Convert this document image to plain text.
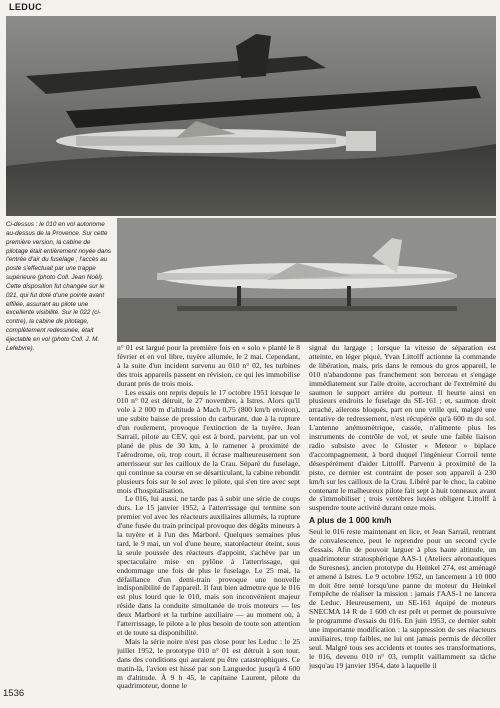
LEDUC

Ci-dessus : le 010 en vol autonome au-dessus de la Provence. Sur cette première version, la cabine de pilotage était entièrement noyée dans l'entrée d'air du fuselage ; l'accès au poste s'effectuait par une trappe supérieure (photo Coll. Jean Noël). Cette disposition fut changée sur le 021, qui fut doté d'une pointe avant effilée, assurant au pilote une excellente visibilité. Sur le 022 (ci-contre), la cabine de pilotage, complètement redessinée, était éjectable en vol (photo Coll. J. M. Lefebvre).	n° 01 est largué pour la première fois en « solo » planté le 8 février et en vol libre, tuyère allumée, le 2 mai. Cependant, à la suite d'un incident survenu au 010 n° 02, les turbines des trois appareils passent en révision, ce qui les immobilise durant près de trois mois.

Les essais ont repris depuis le 17 octobre 1951 lorsque le 010 n° 02 est détruit, le 27 novembre, à Istres. Alors qu'il vole à 2 000 m d'altitude à Mach 0,75 (800 km/h environ), une subite baisse de pression du carburant, due à la rupture d'un roulement, provoque l'extinction de la tuyère. Jean Sarrail, pilote au CEV, qui est à bord, parvient, par un vol plané de plus de 30 km, à le ramener à proximité de l'aérodrome, où, trop court, il écrase malheureusement son atterrisseur sur les cailloux de la Crau. Séparé du fuselage, qui continue sa course en se désarticulant, la cabine rebondit plusieurs fois sur le sol avec le pilote, qui s'en tire avec sept mois d'hospitalisation.

Le 016, lui aussi, ne tarde pas à subir une série de coups durs. Le 15 janvier 1952, à l'atterrissage qui termine son premier vol avec les réacteurs auxiliaires allumés, la rupture d'une fusée du train principal provoque des dégâts mineurs à la tuyère et à l'un des Marboré. Quelques semaines plus tard, le 9 mai, un vol d'une heure, statoréacteur éteint, sous la seule poussée des réacteurs d'appoint, s'achève par un spectaculaire mise en pylône à l'atterrissage, qui endommage une fois de plus le fuselage. Le 25 mai, la défaillance d'un demi-train provoque une nouvelle indisponibilité de l'appareil. Il faut bien admettre que le 016 est plus lourd que le 010, mais son inconvénient majeur réside dans la conduite simultanée de trois moteurs — les deux Marboré et la turbine auxiliaire — au moment où, à l'atterrissage, le pilote a le plus besoin de toute son attention et de toute sa disponibilité.

Mais la série noire n'est pas close pour les Leduc : le 25 juillet 1952, le prototype 010 n° 01 est détruit à son tour, dans des conditions qui auraient pu être catastrophiques. Ce matin-là, l'avion est hissé par son Languedoc jusqu'à 4 600 m d'altitude. À 9 h 45, le capitaine Laurent, pilote du quadrimoteur, donne le

signal du largage ; lorsque la vitesse de séparation est atteinte, en léger piqué, Yvan Littolff actionne la commande de libération, mais, pris dans le remous du gros appareil, le 010 n'abandonne pas franchement son berceau et s'engage immédiatement sur l'aile droite, accrochant de l'extrémité du saumon le support arrière du porteur. Il heurte ainsi en plusieurs endroits le fuselage du SE-161 ; et, saumon droit arraché, ailerons bloqués, part en une vrille qui, malgré une tentative de redressement, n'est récupérée qu'à 600 m du sol. L'antenne anémométrique, cassée, n'alimente plus les instruments de contrôle de vol, et seule une faible liaison radio subsiste avec le Gloster « Meteor » biplace d'accompagnement, à bord duquel l'ingénieur Corroil tente désespérément d'aider Littolff. Parvenu à proximité de la piste, ce dernier est contraint de poser son appareil à 230 km/h sur les cailloux de la Crau. Libéré par le choc, la cabine contenant le malheureux pilote fait sept à huit tonneaux avant de s'immobiliser ; trois vertèbres luxées obligent Littolff à suspendre toute activité durant onze mois.

A plus de 1 000 km/h

Seul le 016 reste maintenant en lice, et Jean Sarrail, rentrant de convalescence, peut le reprendre pour un second cycle d'essais. Afin de pouvoir larguer à plus haute altitude, un quadrimoteur stratosphérique AAS-1 (Ateliers aéronautiques de Suresnes), ancien prototype du Heinkel 274, est aménagé et amené à Istres. Le 9 octobre 1952, un lancement à 10 000 m doit être tenté lorsqu'une panne du moteur du Heinkel l'empêche de réaliser la mission : jamais l'AAS-1 ne lancera de Leduc. Heureusement, un SE-161 équipé de moteurs SNECMA 14 R de 1 600 ch est prêt et permet de poursuivre le programme d'essais du 016. En juin 1953, ce dernier subit une importante modification : la suppression de ses réacteurs auxiliaires, trop faibles, ne lui ont jamais permis de décoller seul. Malgré tous ses accidents et toutes ses transformations, le 016, devenu 010 n° 03, remplit vaillamment sa tâche jusqu'au 19 janvier 1954, date à laquelle il

1536
